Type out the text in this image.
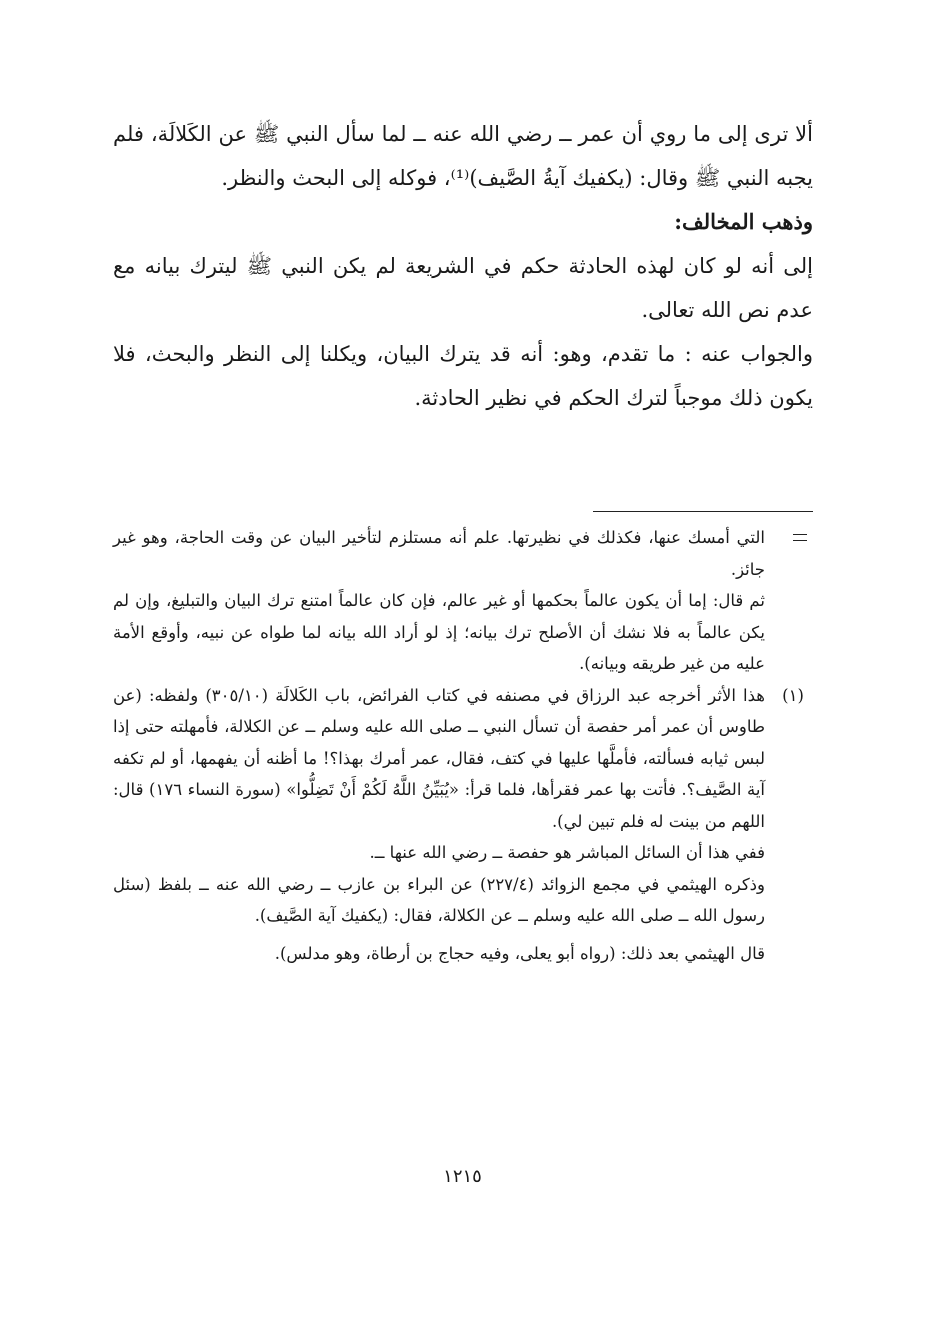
ألا ترى إلى ما روي أن عمر ــ رضي الله عنه ــ لما سأل النبي ﷺ عن الكَلالَة، فلم يجبه النبي ﷺ وقال: (يكفيك آيةُ الصَّيف)⁽¹⁾، فوكله إلى البحث والنظر.

وذهب المخالف:

إلى أنه لو كان لهذه الحادثة حكم في الشريعة لم يكن النبي ﷺ ليترك بيانه مع عدم نص الله تعالى.

والجواب عنه : ما تقدم، وهو: أنه قد يترك البيان، ويكلنا إلى النظر والبحث، فلا يكون ذلك موجباً لترك الحكم في نظير الحادثة.

التي أمسك عنها، فكذلك في نظيرتها. علم أنه مستلزم لتأخير البيان عن وقت الحاجة، وهو غير جائز.

ثم قال: إما أن يكون عالماً بحكمها أو غير عالم، فإن كان عالماً امتنع ترك البيان والتبليغ، وإن لم يكن عالماً به فلا نشك أن الأصلح ترك بيانه؛ إذ لو أراد الله بيانه لما طواه عن نبيه، وأوقع الأمة عليه من غير طريقه وبيانه).

(١)

هذا الأثر أخرجه عبد الرزاق في مصنفه في كتاب الفرائض، باب الكَلالَة (٣٠٥/١٠) ولفظه: (عن طاوس أن عمر أمر حفصة أن تسأل النبي ــ صلى الله عليه وسلم ــ عن الكلالة، فأمهلته حتى إذا لبس ثيابه فسألته، فأملَّها عليها في كتف، فقال، عمر أمرك بهذا؟! ما أظنه أن يفهمها، أو لم تكفه آية الصَّيف؟. فأتت بها عمر فقرأها، فلما قرأ: «يُبَيِّنُ اللَّهُ لَكُمْ أَنْ تَضِلُّوا» (سورة النساء ١٧٦) قال: اللهم من بينت له فلم تبين لي).

ففي هذا أن السائل المباشر هو حفصة ــ رضي الله عنها ــ.

وذكره الهيثمي في مجمع الزوائد (٢٢٧/٤) عن البراء بن عازب ــ رضي الله عنه ــ بلفظ (سئل رسول الله ــ صلى الله عليه وسلم ــ عن الكلالة، فقال: (يكفيك آية الصَّيف).

قال الهيثمي بعد ذلك: (رواه أبو يعلى، وفيه حجاج بن أرطاة، وهو مدلس).

١٢١٥
